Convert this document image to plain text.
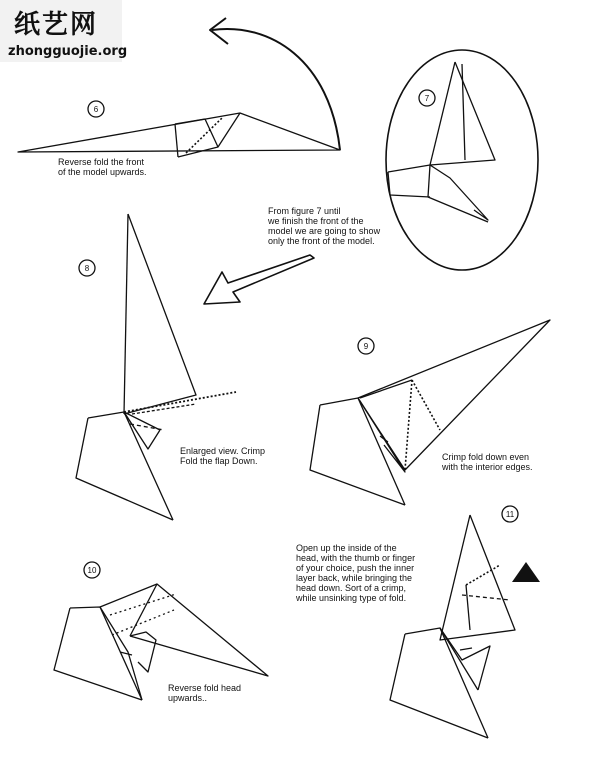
6
7
8
9
10
11
纸艺网
zhongguojie.org
Reverse fold the front
of the model upwards.
From figure 7 until
we finish the front of the
model we are going to show
only the front of the model.
Enlarged view. Crimp
Fold the flap Down.	Crimp fold down even
with the interior edges.
Open up the inside of the
head, with the thumb or finger
of your choice, push the inner
layer back, while bringing the
head down. Sort of a crimp,
while unsinking type of fold.
Reverse fold head
upwards..
